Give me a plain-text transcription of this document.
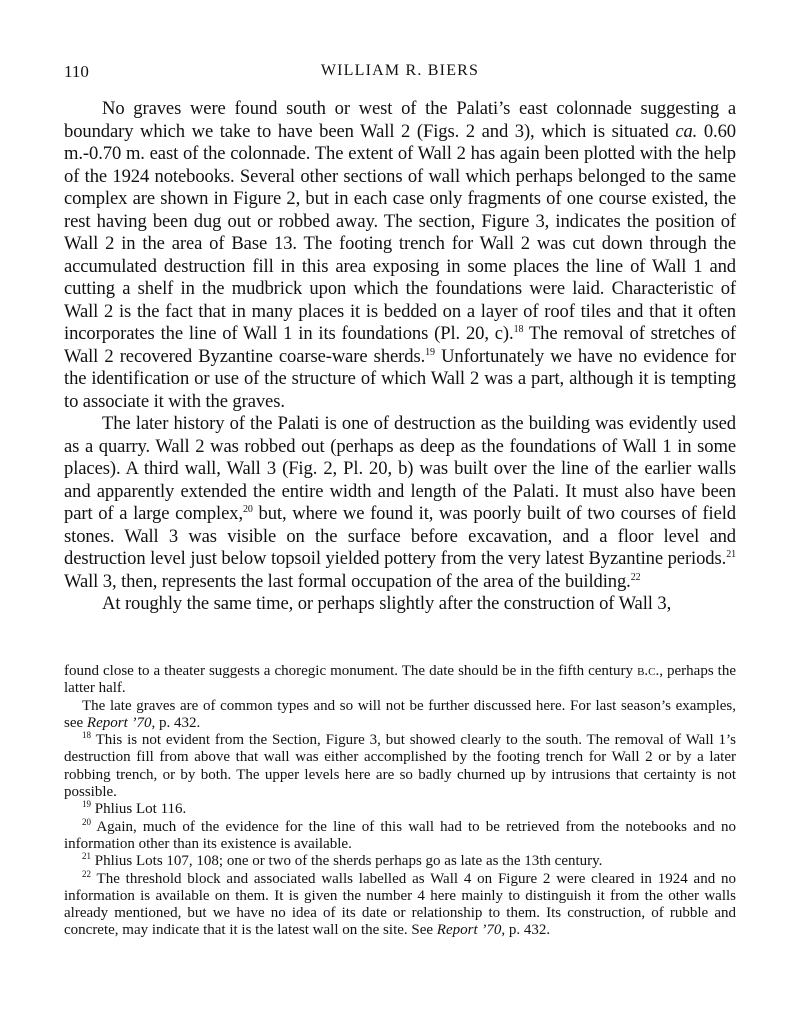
110	WILLIAM R. BIERS

No graves were found south or west of the Palati’s east colonnade suggesting a boundary which we take to have been Wall 2 (Figs. 2 and 3), which is situated ca. 0.60 m.-0.70 m. east of the colonnade. The extent of Wall 2 has again been plotted with the help of the 1924 notebooks. Several other sections of wall which perhaps belonged to the same complex are shown in Figure 2, but in each case only fragments of one course existed, the rest having been dug out or robbed away. The section, Figure 3, indicates the position of Wall 2 in the area of Base 13. The footing trench for Wall 2 was cut down through the accumulated destruction fill in this area exposing in some places the line of Wall 1 and cutting a shelf in the mudbrick upon which the foundations were laid. Characteristic of Wall 2 is the fact that in many places it is bedded on a layer of roof tiles and that it often incorporates the line of Wall 1 in its foundations (Pl. 20, c).$^{18}$ The removal of stretches of Wall 2 recovered Byzantine coarse-ware sherds.$^{19}$ Unfortunately we have no evidence for the identification or use of the structure of which Wall 2 was a part, although it is tempting to associate it with the graves.

The later history of the Palati is one of destruction as the building was evidently used as a quarry. Wall 2 was robbed out (perhaps as deep as the foundations of Wall 1 in some places). A third wall, Wall 3 (Fig. 2, Pl. 20, b) was built over the line of the earlier walls and apparently extended the entire width and length of the Palati. It must also have been part of a large complex,$^{20}$ but, where we found it, was poorly built of two courses of field stones. Wall 3 was visible on the surface before excavation, and a floor level and destruction level just below topsoil yielded pottery from the very latest Byzantine periods.$^{21}$ Wall 3, then, represents the last formal occupation of the area of the building.$^{22}$

At roughly the same time, or perhaps slightly after the construction of Wall 3,

found close to a theater suggests a choregic monument. The date should be in the fifth century b.c., perhaps the latter half.

The late graves are of common types and so will not be further discussed here. For last season’s examples, see Report ’70, p. 432.

$^{18}$ This is not evident from the Section, Figure 3, but showed clearly to the south. The removal of Wall 1’s destruction fill from above that wall was either accomplished by the footing trench for Wall 2 or by a later robbing trench, or by both. The upper levels here are so badly churned up by intrusions that certainty is not possible.

$^{19}$ Phlius Lot 116.

$^{20}$ Again, much of the evidence for the line of this wall had to be retrieved from the notebooks and no information other than its existence is available.

$^{21}$ Phlius Lots 107, 108; one or two of the sherds perhaps go as late as the 13th century.

$^{22}$ The threshold block and associated walls labelled as Wall 4 on Figure 2 were cleared in 1924 and no information is available on them. It is given the number 4 here mainly to distinguish it from the other walls already mentioned, but we have no idea of its date or relationship to them. Its construction, of rubble and concrete, may indicate that it is the latest wall on the site. See Report ’70, p. 432.
